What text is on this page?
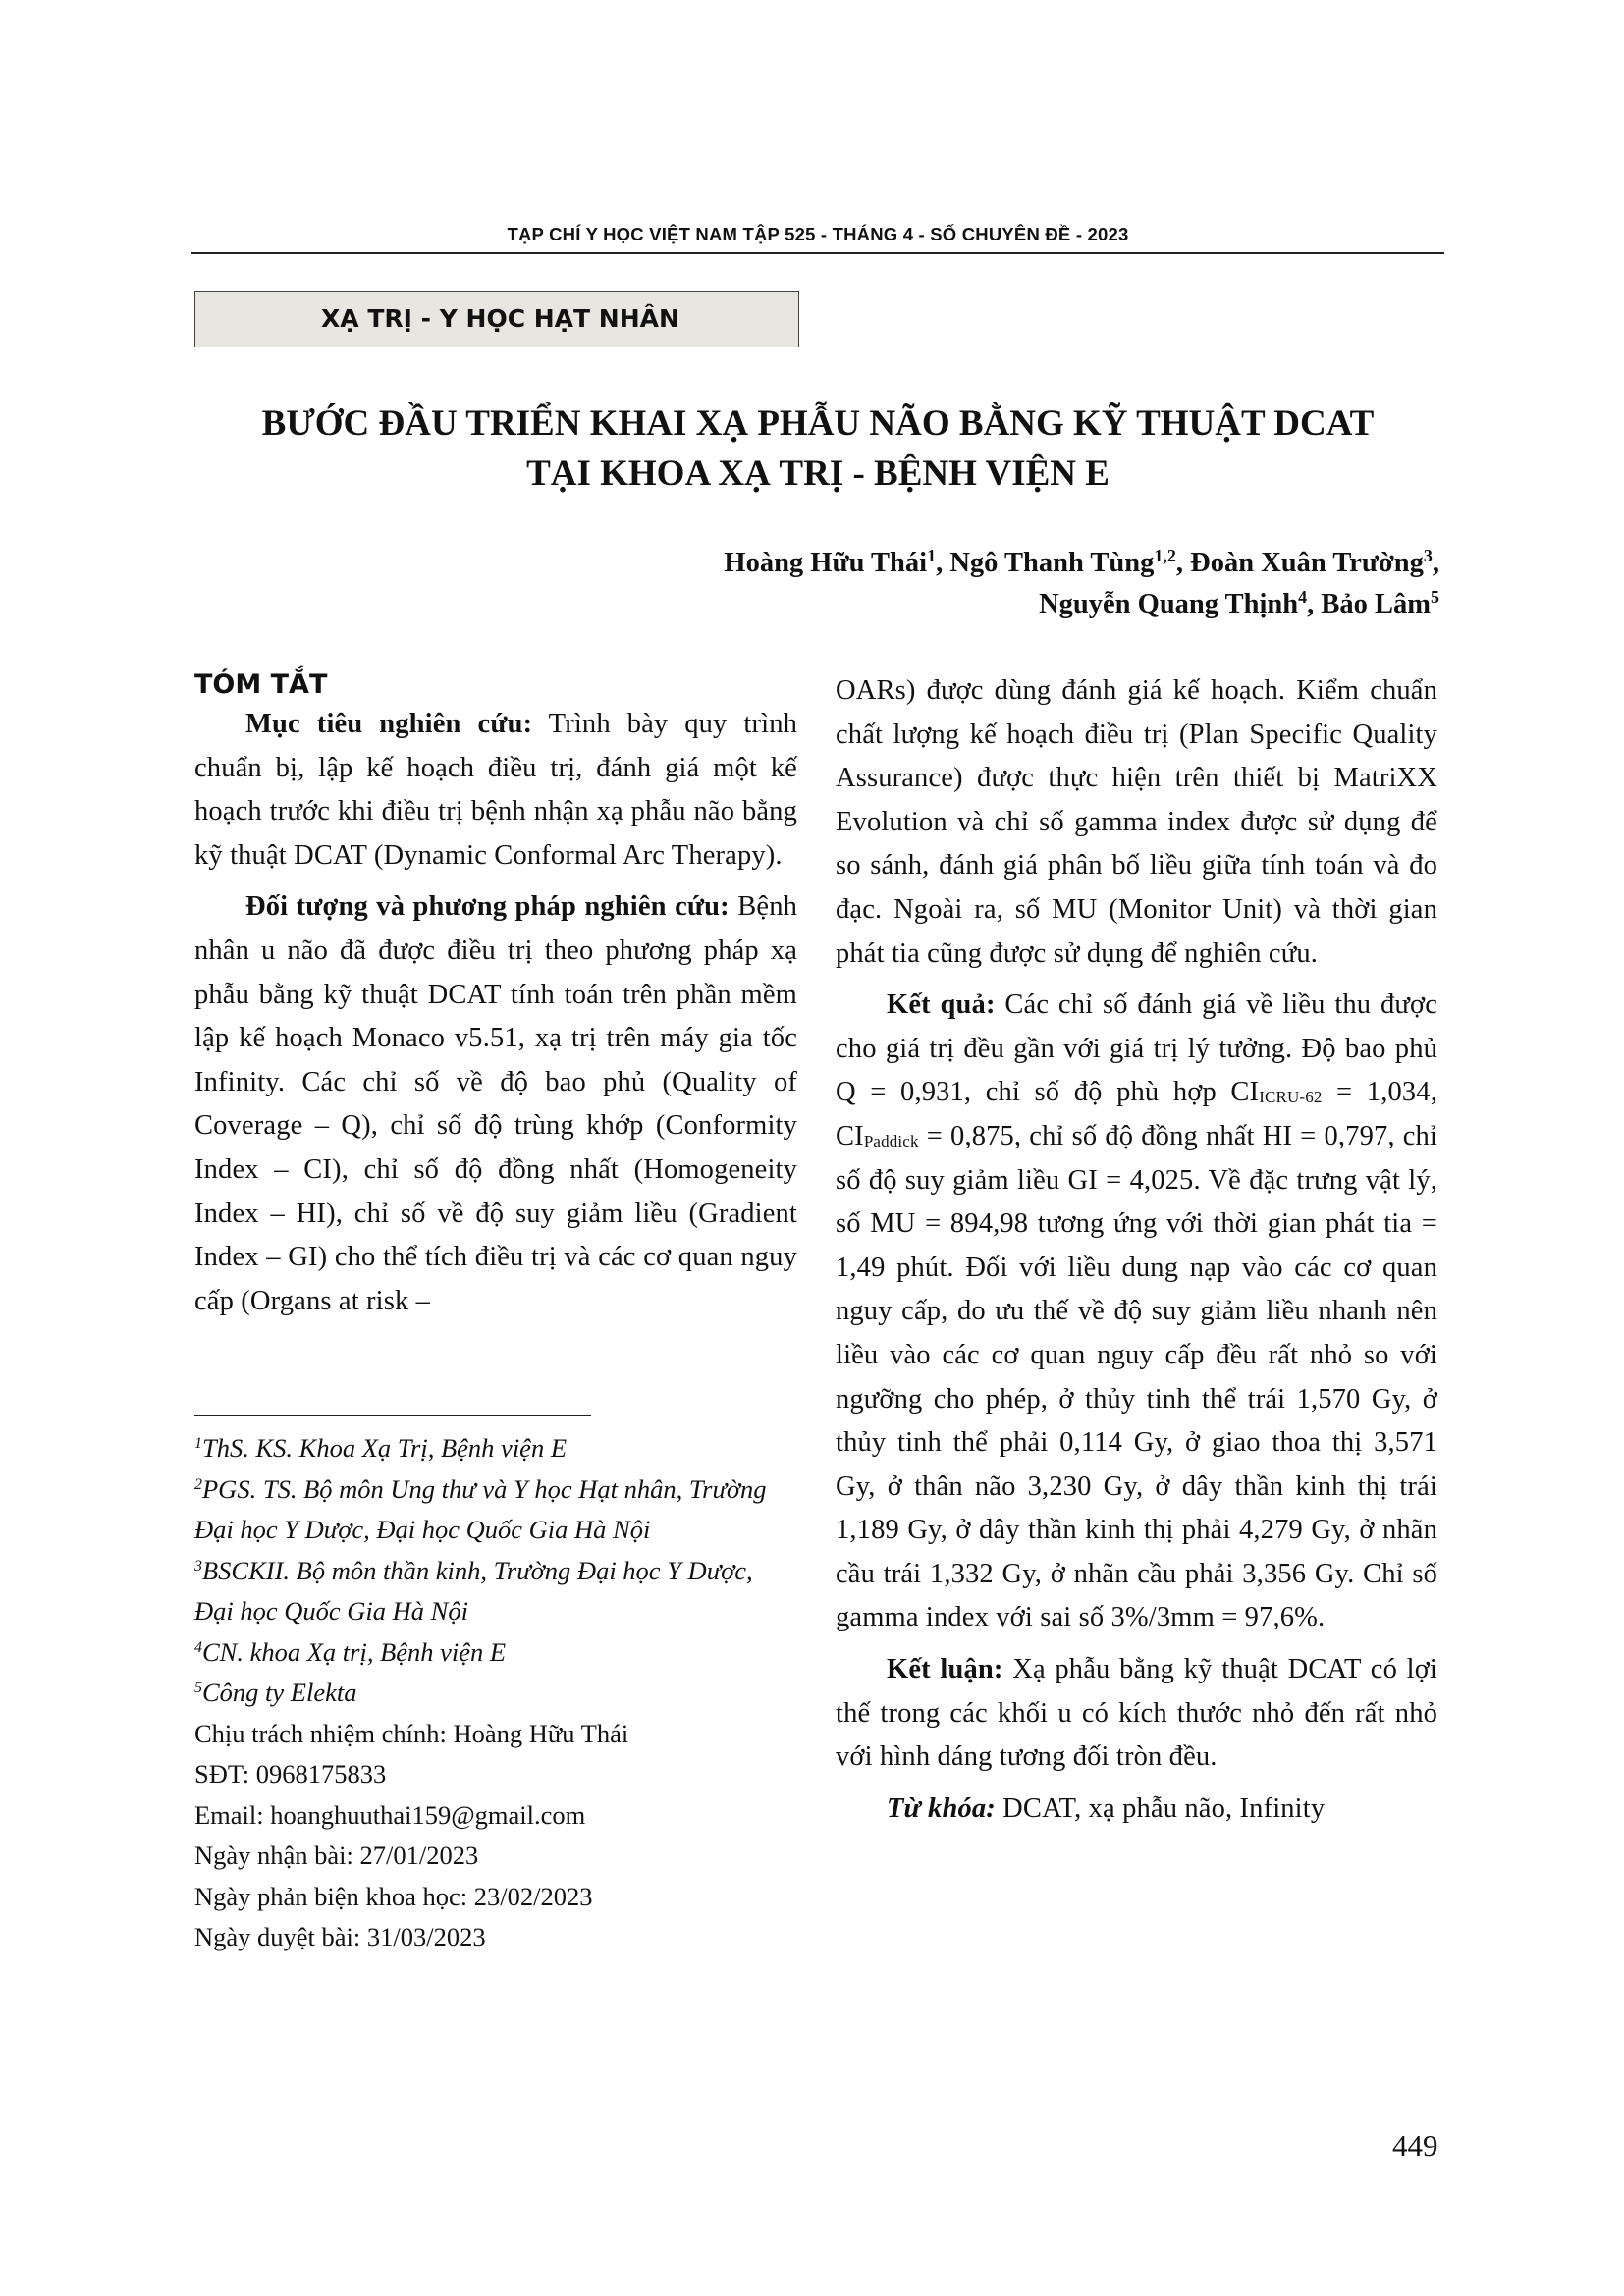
TẠP CHÍ Y HỌC VIỆT NAM TẬP 525 - THÁNG 4 - SỐ CHUYÊN ĐỀ - 2023
XẠ TRỊ - Y HỌC HẠT NHÂN
BƯỚC ĐẦU TRIỂN KHAI XẠ PHẪU NÃO BẰNG KỸ THUẬT DCAT
TẠI KHOA XẠ TRỊ - BỆNH VIỆN E
Hoàng Hữu Thái$^1$, Ngô Thanh Tùng$^{1,2}$, Đoàn Xuân Trường$^3$,
Nguyễn Quang Thịnh$^4$, Bảo Lâm$^5$
TÓM TẮT

Mục tiêu nghiên cứu: Trình bày quy trình chuẩn bị, lập kế hoạch điều trị, đánh giá một kế hoạch trước khi điều trị bệnh nhận xạ phẫu não bằng kỹ thuật DCAT (Dynamic Conformal Arc Therapy).

Đối tượng và phương pháp nghiên cứu: Bệnh nhân u não đã được điều trị theo phương pháp xạ phẫu bằng kỹ thuật DCAT tính toán trên phần mềm lập kế hoạch Monaco v5.51, xạ trị trên máy gia tốc Infinity. Các chỉ số về độ bao phủ (Quality of Coverage – Q), chỉ số độ trùng khớp (Conformity Index – CI), chỉ số độ đồng nhất (Homogeneity Index – HI), chỉ số về độ suy giảm liều (Gradient Index – GI) cho thể tích điều trị và các cơ quan nguy cấp (Organs at risk –

$^1$ThS. KS. Khoa Xạ Trị, Bệnh viện E
$^2$PGS. TS. Bộ môn Ung thư và Y học Hạt nhân, Trường Đại học Y Dược, Đại học Quốc Gia Hà Nội
$^3$BSCKII. Bộ môn thần kinh, Trường Đại học Y Dược, Đại học Quốc Gia Hà Nội
$^4$CN. khoa Xạ trị, Bệnh viện E
$^5$Công ty Elekta
Chịu trách nhiệm chính: Hoàng Hữu Thái
SĐT: 0968175833
Email: hoanghuuthai159@gmail.com
Ngày nhận bài: 27/01/2023
Ngày phản biện khoa học: 23/02/2023
Ngày duyệt bài: 31/03/2023

OARs) được dùng đánh giá kế hoạch. Kiểm chuẩn chất lượng kế hoạch điều trị (Plan Specific Quality Assurance) được thực hiện trên thiết bị MatriXX Evolution và chỉ số gamma index được sử dụng để so sánh, đánh giá phân bố liều giữa tính toán và đo đạc. Ngoài ra, số MU (Monitor Unit) và thời gian phát tia cũng được sử dụng để nghiên cứu.

Kết quả: Các chỉ số đánh giá về liều thu được cho giá trị đều gần với giá trị lý tưởng. Độ bao phủ Q = 0,931, chỉ số độ phù hợp $CI_{ICRU-62} = 1,034$, $CI_{Paddick} = 0,875$, chỉ số độ đồng nhất HI = 0,797, chỉ số độ suy giảm liều GI = 4,025. Về đặc trưng vật lý, số MU = 894,98 tương ứng với thời gian phát tia = 1,49 phút. Đối với liều dung nạp vào các cơ quan nguy cấp, do ưu thế về độ suy giảm liều nhanh nên liều vào các cơ quan nguy cấp đều rất nhỏ so với ngưỡng cho phép, ở thủy tinh thể trái 1,570 Gy, ở thủy tinh thể phải 0,114 Gy, ở giao thoa thị 3,571 Gy, ở thân não 3,230 Gy, ở dây thần kinh thị trái 1,189 Gy, ở dây thần kinh thị phải 4,279 Gy, ở nhãn cầu trái 1,332 Gy, ở nhãn cầu phải 3,356 Gy. Chỉ số gamma index với sai số 3%/3mm = 97,6%.

Kết luận: Xạ phẫu bằng kỹ thuật DCAT có lợi thế trong các khối u có kích thước nhỏ đến rất nhỏ với hình dáng tương đối tròn đều.

Từ khóa: DCAT, xạ phẫu não, Infinity

449
